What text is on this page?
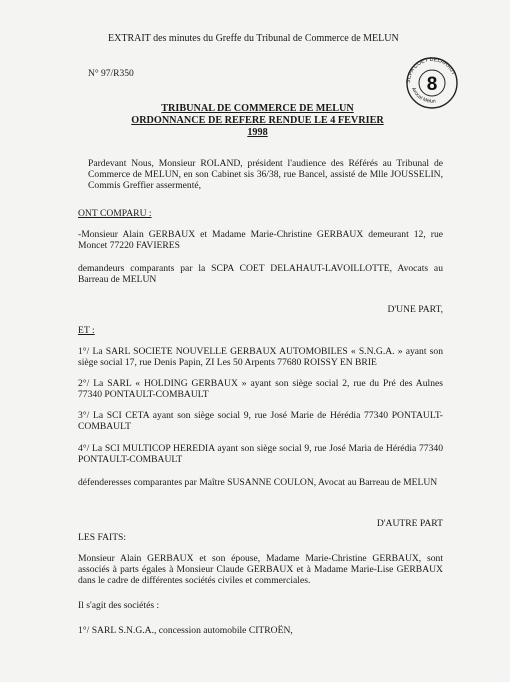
EXTRAIT des minutes du Greffe du Tribunal de Commerce de MELUN
N° 97/R350
SCPA COET DELAHAUT
Avocat Melun
8
TRIBUNAL DE COMMERCE DE MELUN
ORDONNANCE DE REFERE RENDUE LE 4 FEVRIER 1998
Pardevant Nous, Monsieur ROLAND, président l'audience des Référés au Tribunal de Commerce de MELUN, en son Cabinet sis 36/38, rue Bancel, assisté de Mlle JOUSSELIN, Commis Greffier assermenté,
ONT COMPARU :
-Monsieur Alain GERBAUX et Madame Marie-Christine GERBAUX demeurant 12, rue Moncet 77220 FAVIERES
demandeurs comparants par la SCPA COET DELAHAUT-LAVOILLOTTE, Avocats au Barreau de MELUN
D'UNE PART,
ET :
1°/ La SARL SOCIETE NOUVELLE GERBAUX AUTOMOBILES « S.N.G.A. » ayant son siège social 17, rue Denis Papin, ZI Les 50 Arpents 77680 ROISSY EN BRIE
2°/ La SARL « HOLDING GERBAUX » ayant son siège social 2, rue du Pré des Aulnes 77340 PONTAULT-COMBAULT
3°/ La SCI CETA ayant son siège social 9, rue José Marie de Hérédia 77340 PONTAULT- COMBAULT
4°/ La SCI MULTICOP HEREDIA ayant son siège social 9, rue José Maria de Hérédia 77340 PONTAULT-COMBAULT
défenderesses comparantes par Maître SUSANNE COULON, Avocat au Barreau de MELUN
D'AUTRE PART
LES FAITS:
Monsieur Alain GERBAUX et son épouse, Madame Marie-Christine GERBAUX, sont associés à parts égales à Monsieur Claude GERBAUX et à Madame Marie-Lise GERBAUX dans le cadre de différentes sociétés civiles et commerciales.
Il s'agit des sociétés :
1°/ SARL S.N.G.A., concession automobile CITROËN,
